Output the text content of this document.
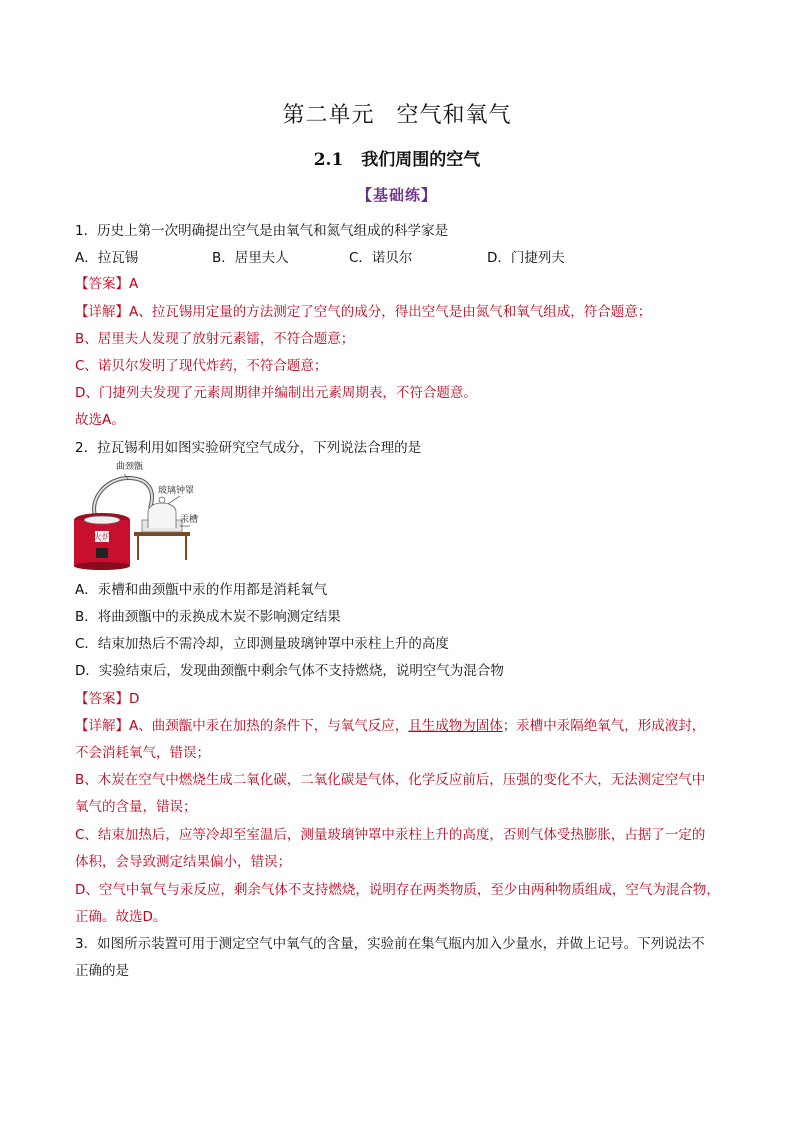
第二单元 空气和氧气
2.1 我们周围的空气
【基础练】
1．历史上第一次明确提出空气是由氧气和氮气组成的科学家是
A．拉瓦锡	B．居里夫人	C．诺贝尔	D．门捷列夫
【答案】A
【详解】A、拉瓦锡用定量的方法测定了空气的成分，得出空气是由氮气和氧气组成，符合题意；
B、居里夫人发现了放射元素镭，不符合题意；
C、诺贝尔发明了现代炸药，不符合题意；
D、门捷列夫发现了元素周期律并编制出元素周期表，不符合题意。
故选A。
2．拉瓦锡利用如图实验研究空气成分，下列说法合理的是
火炉
曲颈甑
玻璃钟罩
汞槽
A．汞槽和曲颈甑中汞的作用都是消耗氧气
B．将曲颈甑中的汞换成木炭不影响测定结果
C．结束加热后不需冷却，立即测量玻璃钟罩中汞柱上升的高度
D．实验结束后，发现曲颈甑中剩余气体不支持燃烧，说明空气为混合物
【答案】D
【详解】A、曲颈甑中汞在加热的条件下，与氧气反应，且生成物为固体；汞槽中汞隔绝氧气，形成液封，
不会消耗氧气，错误；
B、木炭在空气中燃烧生成二氧化碳，二氧化碳是气体，化学反应前后，压强的变化不大，无法测定空气中
氧气的含量，错误；
C、结束加热后，应等冷却至室温后，测量玻璃钟罩中汞柱上升的高度，否则气体受热膨胀，占据了一定的
体积，会导致测定结果偏小，错误；
D、空气中氧气与汞反应，剩余气体不支持燃烧，说明存在两类物质，至少由两种物质组成，空气为混合物，
正确。故选D。
3．如图所示装置可用于测定空气中氧气的含量，实验前在集气瓶内加入少量水，并做上记号。下列说法不
正确的是
